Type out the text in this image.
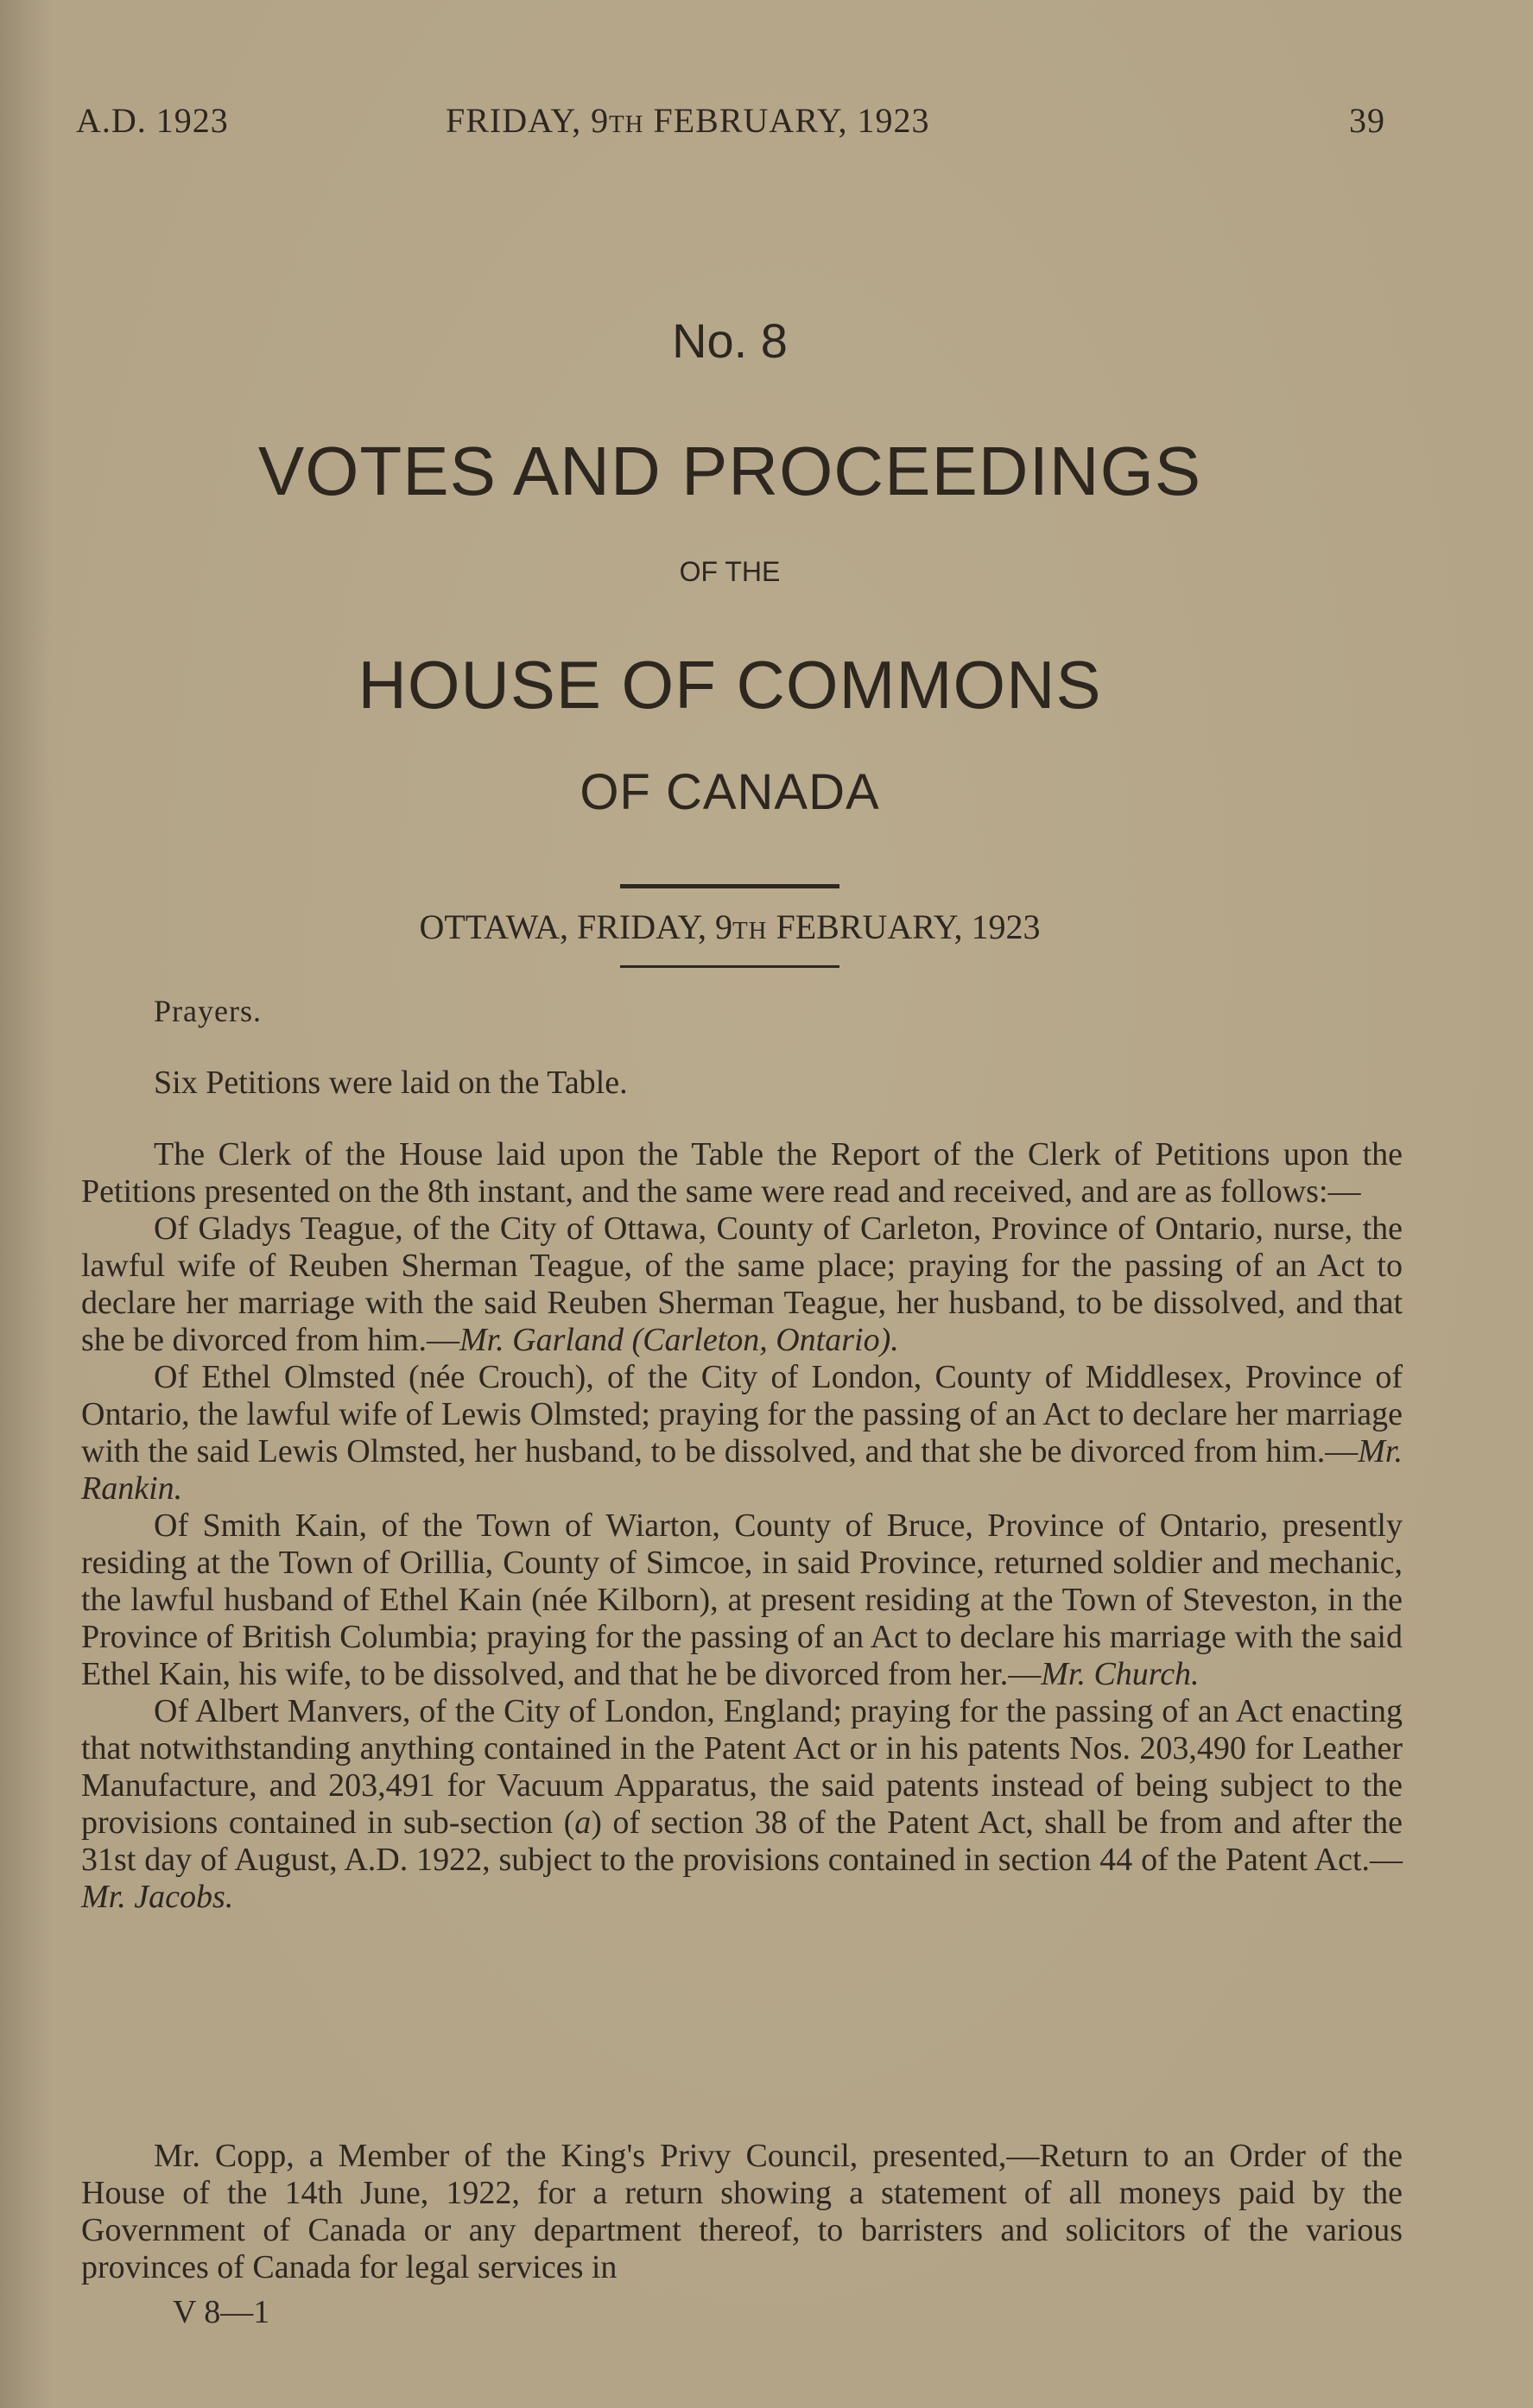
A.D. 1923	FRIDAY, 9TH FEBRUARY, 1923	39
No. 8
VOTES AND PROCEEDINGS
OF THE
HOUSE OF COMMONS
OF CANADA
OTTAWA, FRIDAY, 9TH FEBRUARY, 1923
Prayers.
Six Petitions were laid on the Table.

The Clerk of the House laid upon the Table the Report of the Clerk of Petitions upon the Petitions presented on the 8th instant, and the same were read and received, and are as follows:—

Of Gladys Teague, of the City of Ottawa, County of Carleton, Province of Ontario, nurse, the lawful wife of Reuben Sherman Teague, of the same place; praying for the passing of an Act to declare her marriage with the said Reuben Sherman Teague, her husband, to be dissolved, and that she be divorced from him.—Mr. Garland (Carleton, Ontario).

Of Ethel Olmsted (née Crouch), of the City of London, County of Middlesex, Province of Ontario, the lawful wife of Lewis Olmsted; praying for the passing of an Act to declare her marriage with the said Lewis Olmsted, her husband, to be dissolved, and that she be divorced from him.—Mr. Rankin.

Of Smith Kain, of the Town of Wiarton, County of Bruce, Province of Ontario, presently residing at the Town of Orillia, County of Simcoe, in said Province, returned soldier and mechanic, the lawful husband of Ethel Kain (née Kilborn), at present residing at the Town of Steveston, in the Province of British Columbia; praying for the passing of an Act to declare his marriage with the said Ethel Kain, his wife, to be dissolved, and that he be divorced from her.—Mr. Church.

Of Albert Manvers, of the City of London, England; praying for the passing of an Act enacting that notwithstanding anything contained in the Patent Act or in his patents Nos. 203,490 for Leather Manufacture, and 203,491 for Vacuum Apparatus, the said patents instead of being subject to the provisions contained in sub-section (a) of section 38 of the Patent Act, shall be from and after the 31st day of August, A.D. 1922, subject to the provisions contained in section 44 of the Patent Act.—Mr. Jacobs.

Mr. Copp, a Member of the King's Privy Council, presented,—Return to an Order of the House of the 14th June, 1922, for a return showing a statement of all moneys paid by the Government of Canada or any department thereof, to barristers and solicitors of the various provinces of Canada for legal services in

V 8—1
